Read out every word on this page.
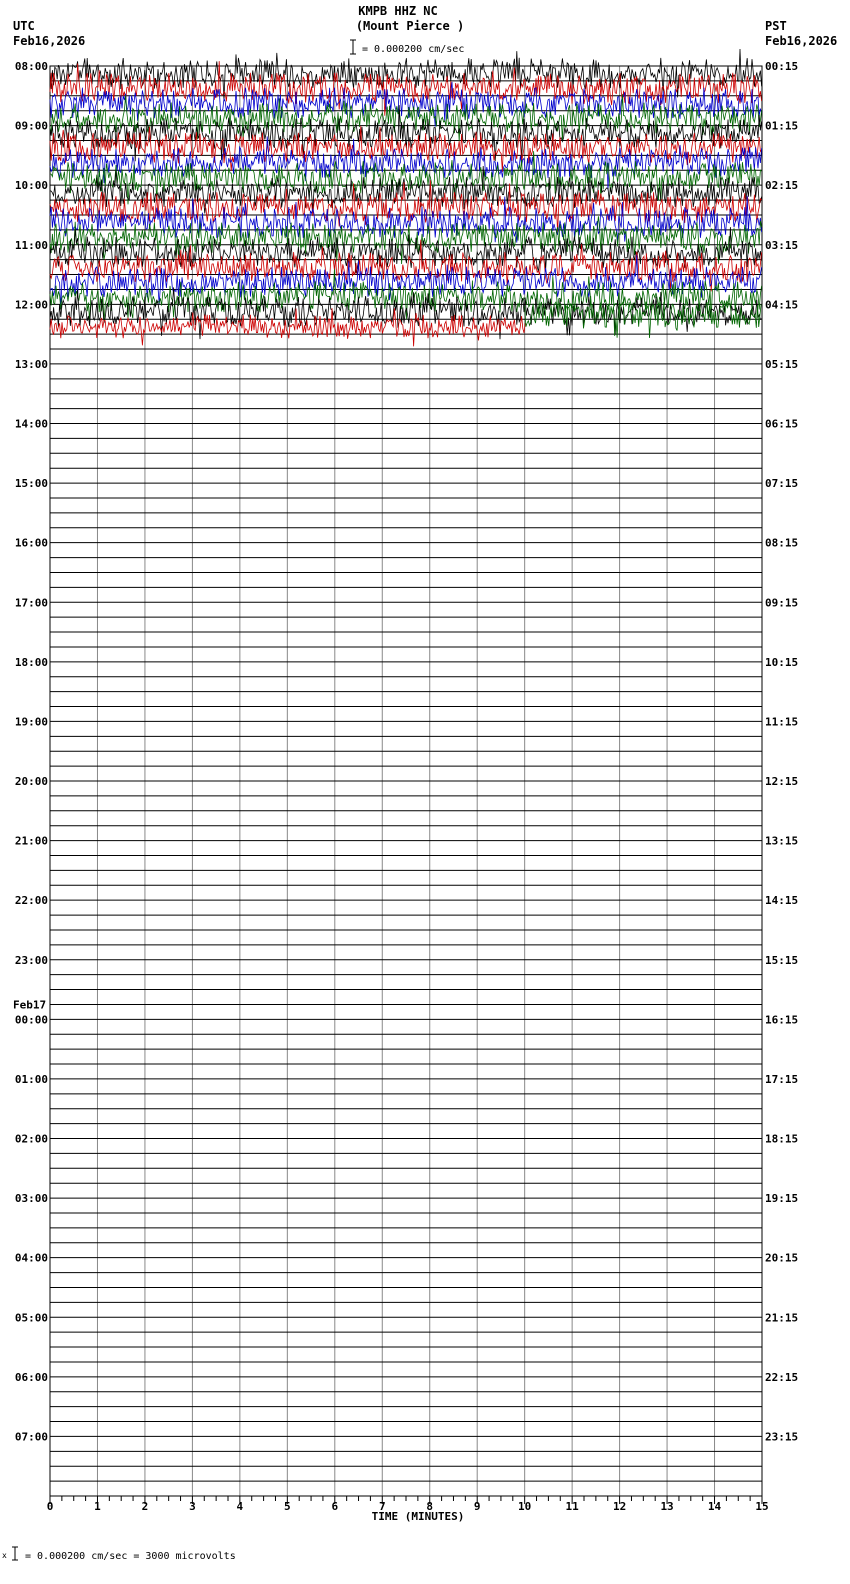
08:00
09:00
10:00
11:00
12:00
13:00
14:00
15:00
16:00
17:00
18:00
19:00
20:00
21:00
22:00
23:00
00:00
Feb17
01:00
02:00
03:00
04:00
05:00
06:00
07:00
00:15
01:15
02:15
03:15
04:15
05:15
06:15
07:15
08:15
09:15
10:15
11:15
12:15
13:15
14:15
15:15
16:15
17:15
18:15
19:15
20:15
21:15
22:15
23:15
0	1	2	3	4	5	6	7	8	9	10	11	12	13	14	15
KMPB HHZ NC
(Mount Pierce )
= 0.000200 cm/sec
UTC
Feb16,2026
PST
Feb16,2026
TIME (MINUTES)
x = 0.000200 cm/sec = 3000 microvolts
